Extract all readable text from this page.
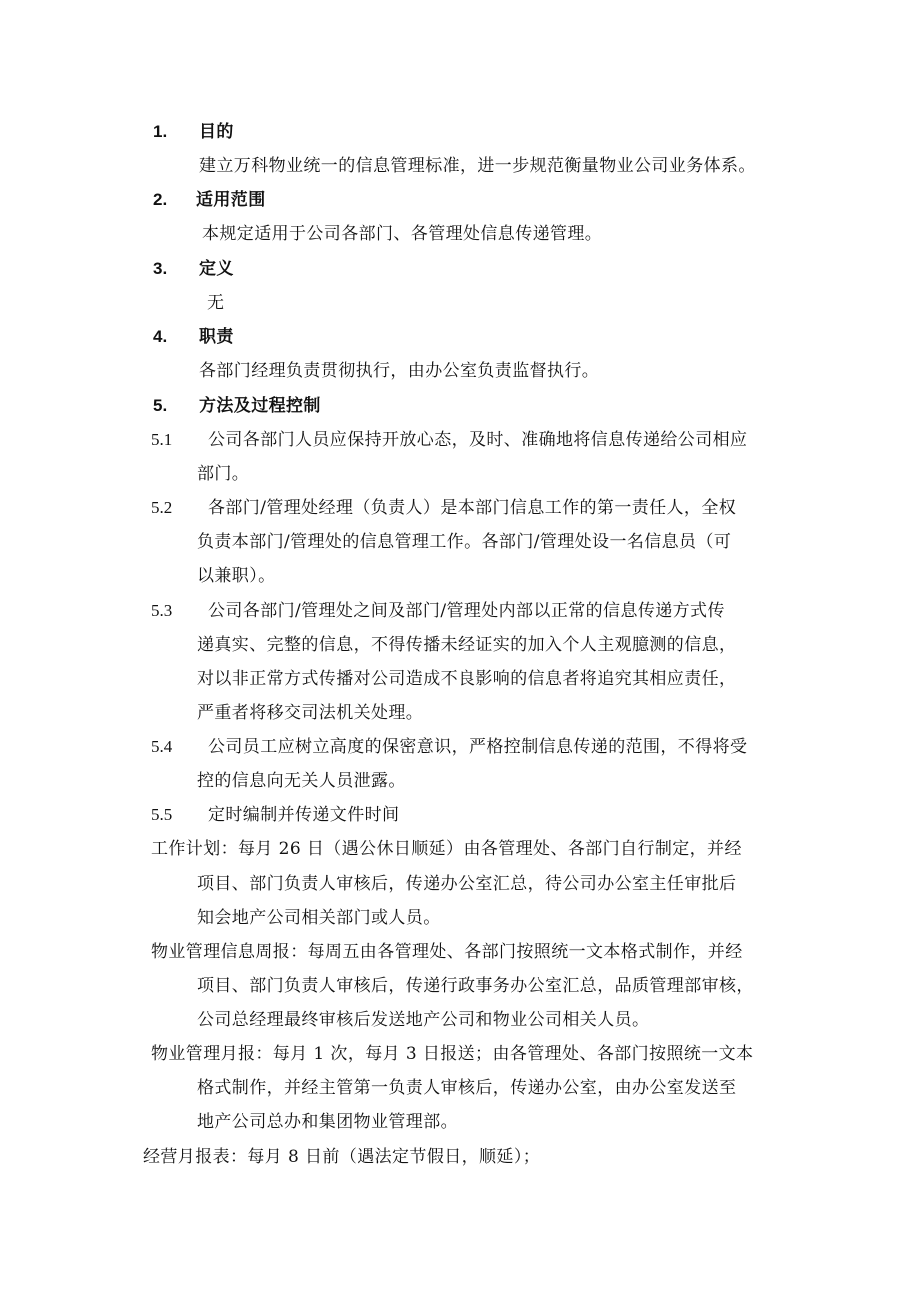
1. 目的
建立万科物业统一的信息管理标准，进一步规范衡量物业公司业务体系。
2. 适用范围
本规定适用于公司各部门、各管理处信息传递管理。
3. 定义
无
4. 职责
各部门经理负责贯彻执行，由办公室负责监督执行。
5. 方法及过程控制
5.1 公司各部门人员应保持开放心态，及时、准确地将信息传递给公司相应
部门。
5.2 各部门/管理处经理（负责人）是本部门信息工作的第一责任人，全权
负责本部门/管理处的信息管理工作。各部门/管理处设一名信息员（可
以兼职）。
5.3 公司各部门/管理处之间及部门/管理处内部以正常的信息传递方式传
递真实、完整的信息，不得传播未经证实的加入个人主观臆测的信息，
对以非正常方式传播对公司造成不良影响的信息者将追究其相应责任，
严重者将移交司法机关处理。
5.4 公司员工应树立高度的保密意识，严格控制信息传递的范围，不得将受
控的信息向无关人员泄露。
5.5 定时编制并传递文件时间
工作计划：每月 26 日（遇公休日顺延）由各管理处、各部门自行制定，并经
项目、部门负责人审核后，传递办公室汇总，待公司办公室主任审批后
知会地产公司相关部门或人员。
物业管理信息周报：每周五由各管理处、各部门按照统一文本格式制作，并经
项目、部门负责人审核后，传递行政事务办公室汇总，品质管理部审核，
公司总经理最终审核后发送地产公司和物业公司相关人员。
物业管理月报：每月 1 次，每月 3 日报送；由各管理处、各部门按照统一文本
格式制作，并经主管第一负责人审核后，传递办公室，由办公室发送至
地产公司总办和集团物业管理部。
经营月报表：每月 8 日前（遇法定节假日，顺延）；
